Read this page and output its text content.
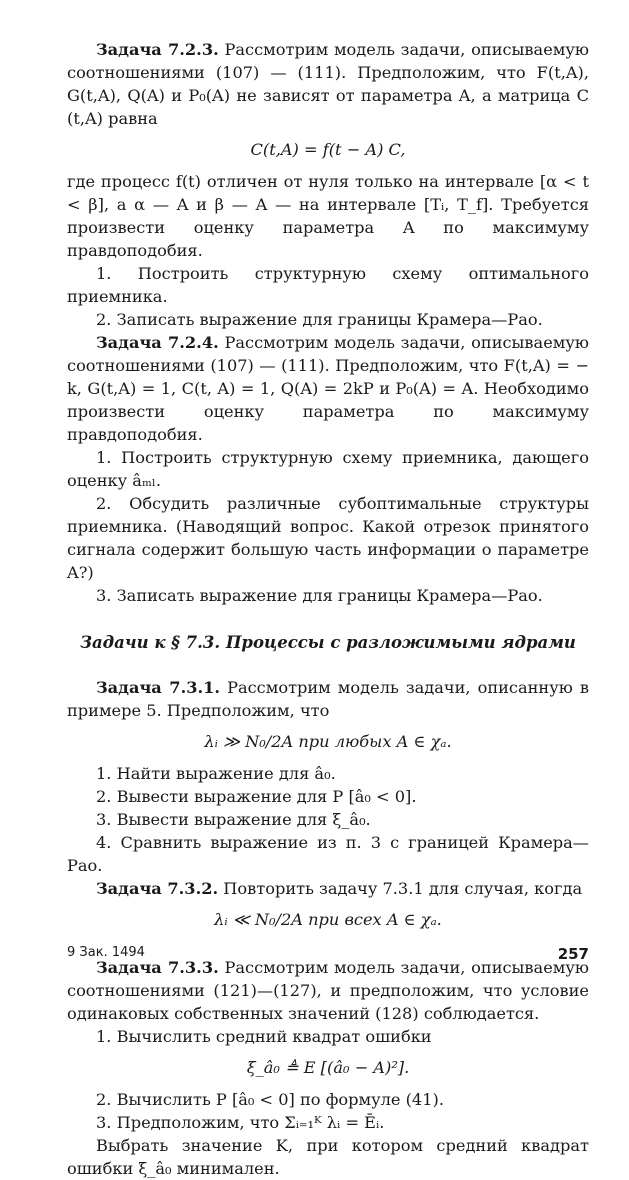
Задача 7.2.3. Рассмотрим модель задачи, описываемую соотношениями (107) — (111). Предположим, что F(t,A), G(t,A), Q(A) и P₀(A) не зависят от параметра A, а матрица C (t,A) равна

C(t,A) = f(t − A) C,

где процесс f(t) отличен от нуля только на интервале [α < t < β], а α — A и β — A — на интервале [Tᵢ, T_f]. Требуется произвести оценку параметра A по максимуму правдоподобия.

1. Построить структурную схему оптимального приемника.

2. Записать выражение для границы Крамера—Рао.

Задача 7.2.4. Рассмотрим модель задачи, описываемую соотношениями (107) — (111). Предположим, что F(t,A) = − k, G(t,A) = 1, C(t, A) = 1, Q(A) = 2kP и P₀(A) = A. Необходимо произвести оценку параметра по максимуму правдоподобия.

1. Построить структурную схему приемника, дающего оценку âₘₗ.

2. Обсудить различные субоптимальные структуры приемника. (Наводящий вопрос. Какой отрезок принятого сигнала содержит большую часть информации о параметре A?)

3. Записать выражение для границы Крамера—Рао.

Задачи к § 7.3. Процессы с разложимыми ядрами

Задача 7.3.1. Рассмотрим модель задачи, описанную в примере 5. Предположим, что

λᵢ ≫ N₀/2A при любых A ∈ χₐ.

1. Найти выражение для â₀.

2. Вывести выражение для P [â₀ < 0].

3. Вывести выражение для ξ_â₀.

4. Сравнить выражение из п. 3 с границей Крамера—Рао.

Задача 7.3.2. Повторить задачу 7.3.1 для случая, когда

λᵢ ≪ N₀/2A при всех A ∈ χₐ.

Задача 7.3.3. Рассмотрим модель задачи, описываемую соотношениями (121)—(127), и предположим, что условие одинаковых собственных значений (128) соблюдается.

1. Вычислить средний квадрат ошибки

ξ_â₀ ≜ E [(â₀ − A)²].

2. Вычислить P [â₀ < 0] по формуле (41).

3. Предположим, что Σᵢ₌₁ᴷ λᵢ = Ēᵢ.

Выбрать значение K, при котором средний квадрат ошибки ξ_â₀ минимален.

9 Зак. 1494	257
